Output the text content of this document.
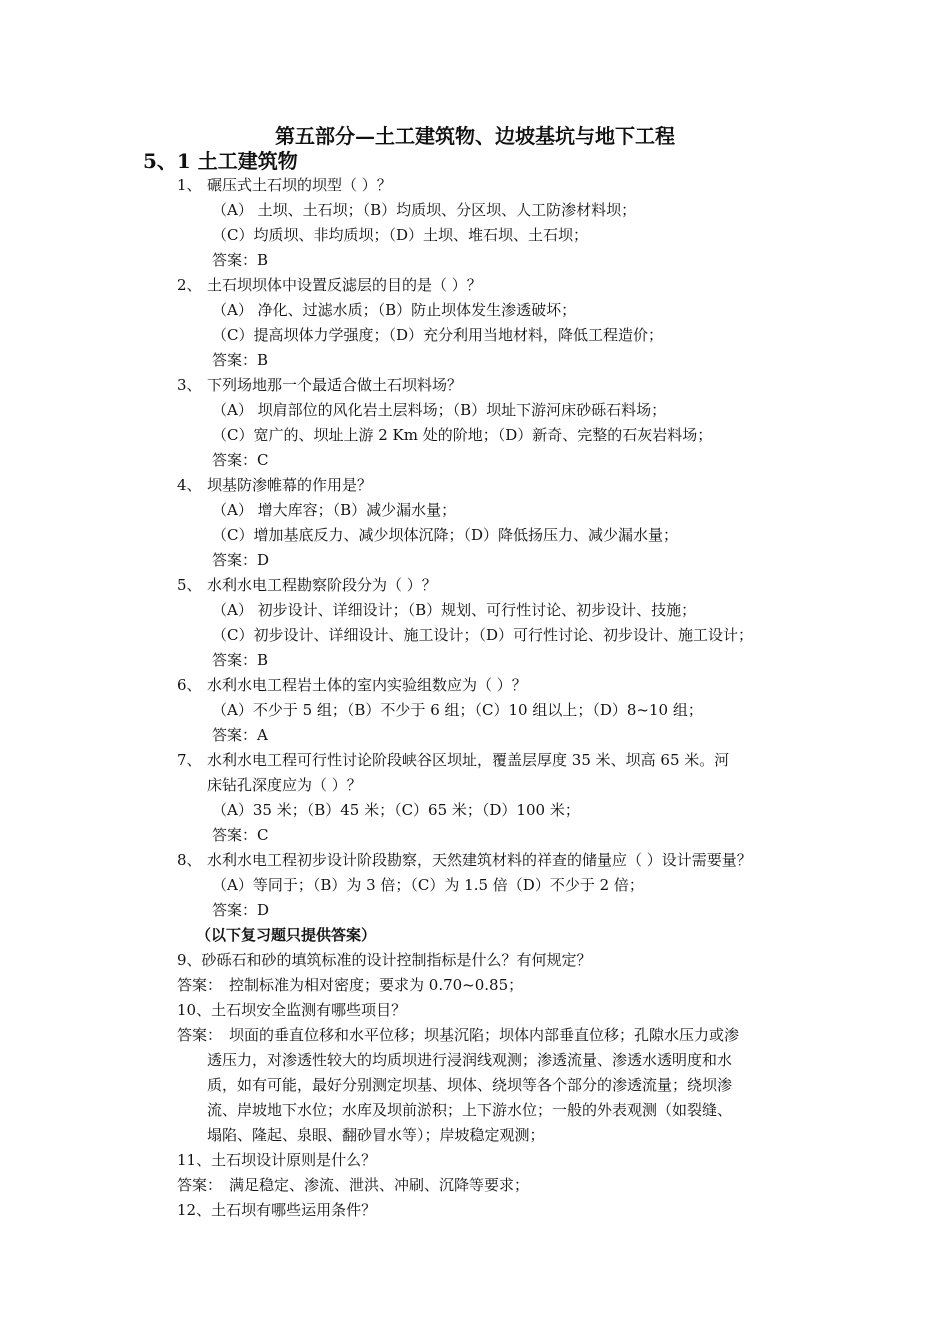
第五部分—土工建筑物、边坡基坑与地下工程
5、1 土工建筑物
1、 碾压式土石坝的坝型（ ）？
（A） 土坝、土石坝；（B）均质坝、分区坝、人工防渗材料坝；
（C）均质坝、非均质坝；（D）土坝、堆石坝、土石坝；
答案：B
2、 土石坝坝体中设置反滤层的目的是（ ）？
（A） 净化、过滤水质；（B）防止坝体发生渗透破坏；
（C）提高坝体力学强度；（D）充分利用当地材料，降低工程造价；
答案：B
3、 下列场地那一个最适合做土石坝料场？
（A） 坝肩部位的风化岩土层料场；（B）坝址下游河床砂砾石料场；
（C）宽广的、坝址上游 2 Km 处的阶地；（D）新奇、完整的石灰岩料场；
答案：C
4、 坝基防渗帷幕的作用是？
（A） 增大库容；（B）减少漏水量；
（C）增加基底反力、减少坝体沉降；（D）降低扬压力、减少漏水量；
答案：D
5、 水利水电工程勘察阶段分为（ ）？
（A） 初步设计、详细设计；（B）规划、可行性讨论、初步设计、技施；
（C）初步设计、详细设计、施工设计；（D）可行性讨论、初步设计、施工设计；
答案：B
6、 水利水电工程岩土体的室内实验组数应为（ ）？
（A）不少于 5 组；（B）不少于 6 组；（C）10 组以上；（D）8~10 组；
答案：A
7、 水利水电工程可行性讨论阶段峡谷区坝址，覆盖层厚度 35 米、坝高 65 米。河
床钻孔深度应为（ ）？
（A）35 米；（B）45 米；（C）65 米；（D）100 米；
答案：C
8、 水利水电工程初步设计阶段勘察，天然建筑材料的祥查的储量应（ ）设计需要量？
（A）等同于；（B）为 3 倍；（C）为 1.5 倍（D）不少于 2 倍；
答案：D
（以下复习题只提供答案）
9、砂砾石和砂的填筑标准的设计控制指标是什么？有何规定？
答案： 控制标准为相对密度；要求为 0.70~0.85；
10、土石坝安全监测有哪些项目？
答案： 坝面的垂直位移和水平位移；坝基沉陷；坝体内部垂直位移；孔隙水压力或渗
透压力，对渗透性较大的均质坝进行浸润线观测；渗透流量、渗透水透明度和水
质，如有可能，最好分别测定坝基、坝体、绕坝等各个部分的渗透流量；绕坝渗
流、岸坡地下水位；水库及坝前淤积；上下游水位；一般的外表观测（如裂缝、
塌陷、隆起、泉眼、翻砂冒水等）；岸坡稳定观测；
11、土石坝设计原则是什么？
答案： 满足稳定、渗流、泄洪、冲刷、沉降等要求；
12、土石坝有哪些运用条件？
